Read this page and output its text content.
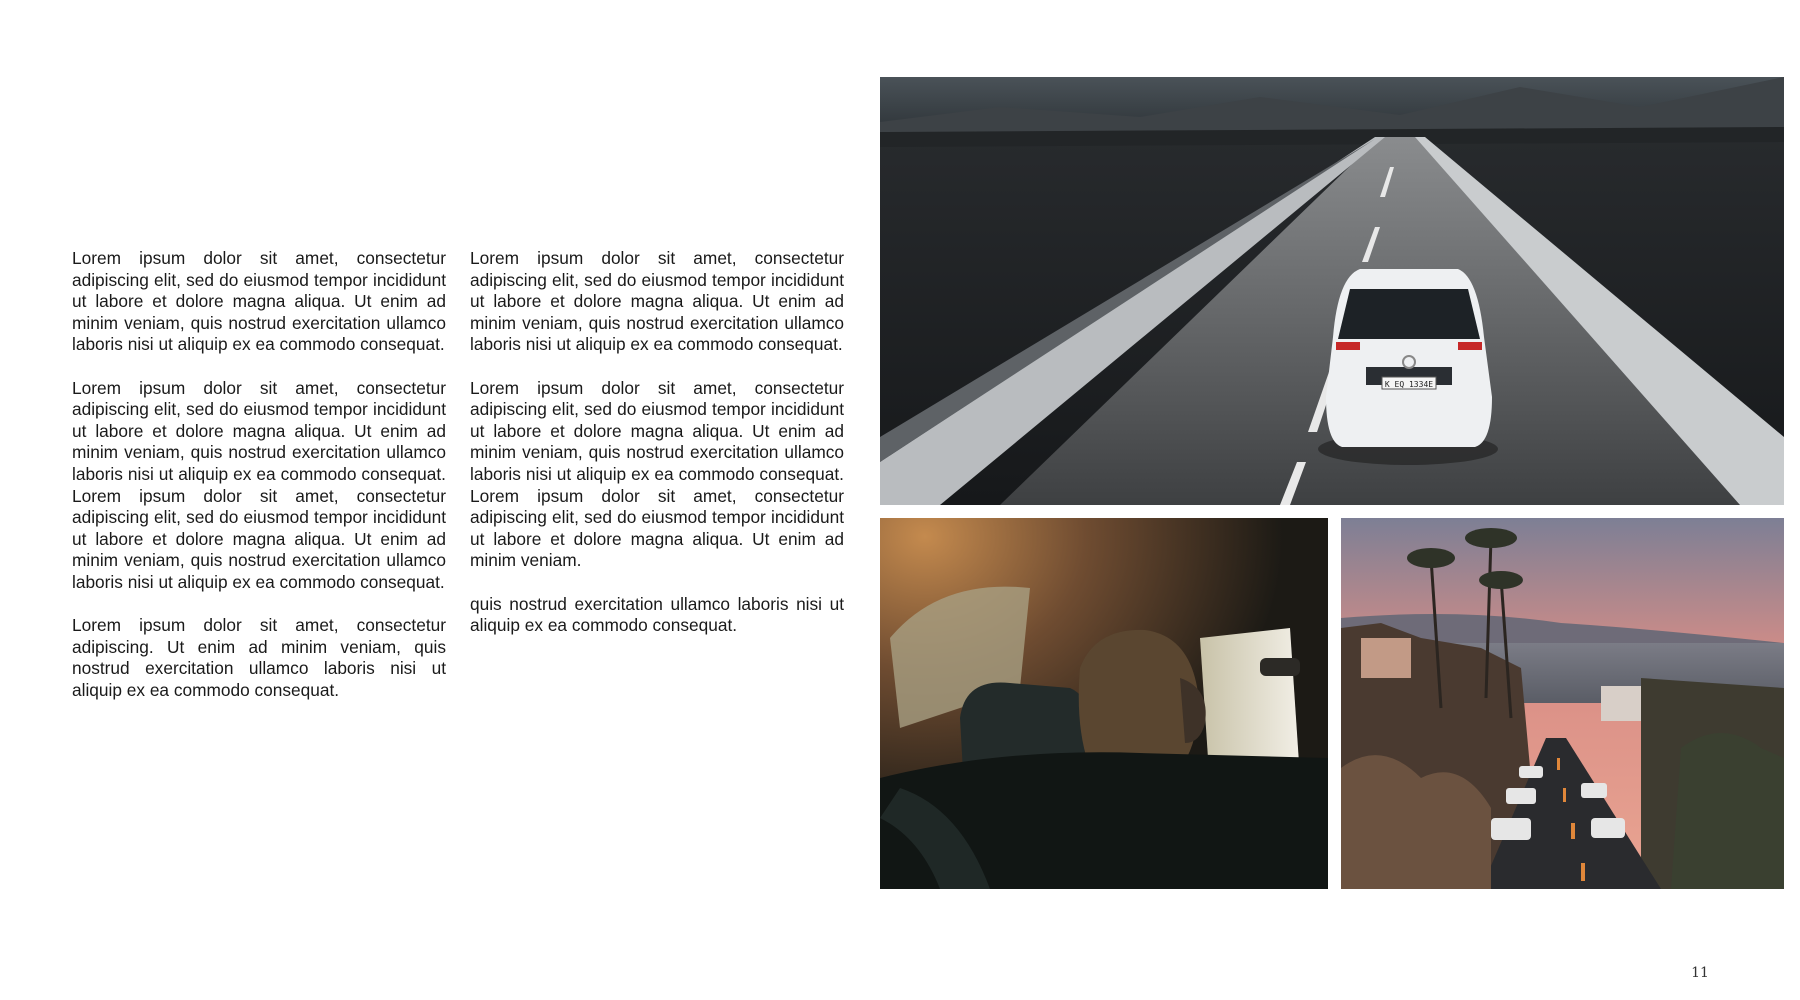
Lorem ipsum dolor sit amet, consectetur adipiscing elit, sed do eiusmod tempor incididunt ut labore et dolore magna aliqua. Ut enim ad minim veniam, quis nostrud exercitation ullamco laboris nisi ut aliquip ex ea commodo consequat.

Lorem ipsum dolor sit amet, consectetur adipiscing elit, sed do eiusmod tempor incididunt ut labore et dolore magna aliqua. Ut enim ad minim veniam, quis nostrud exercitation ullamco laboris nisi ut aliquip ex ea commodo consequat. Lorem ipsum dolor sit amet, consectetur adipiscing elit, sed do eiusmod tempor incididunt ut labore et dolore magna aliqua. Ut enim ad minim veniam, quis nostrud exercitation ullamco laboris nisi ut aliquip ex ea commodo consequat.

Lorem ipsum dolor sit amet, consectetur adipiscing. Ut enim ad minim veniam, quis nostrud exercitation ullamco laboris nisi ut aliquip ex ea commodo consequat.

Lorem ipsum dolor sit amet, consectetur adipiscing elit, sed do eiusmod tempor incididunt ut labore et dolore magna aliqua. Ut enim ad minim veniam, quis nostrud exercitation ullamco laboris nisi ut aliquip ex ea commodo consequat.

Lorem ipsum dolor sit amet, consectetur adipiscing elit, sed do eiusmod tempor incididunt ut labore et dolore magna aliqua. Ut enim ad minim veniam, quis nostrud exercitation ullamco laboris nisi ut aliquip ex ea commodo consequat. Lorem ipsum dolor sit amet, consectetur adipiscing elit, sed do eiusmod tempor incididunt ut labore et dolore magna aliqua. Ut enim ad minim veniam.

quis nostrud exercitation ullamco laboris nisi ut aliquip ex ea commodo consequat.

K EQ 1334E
11
